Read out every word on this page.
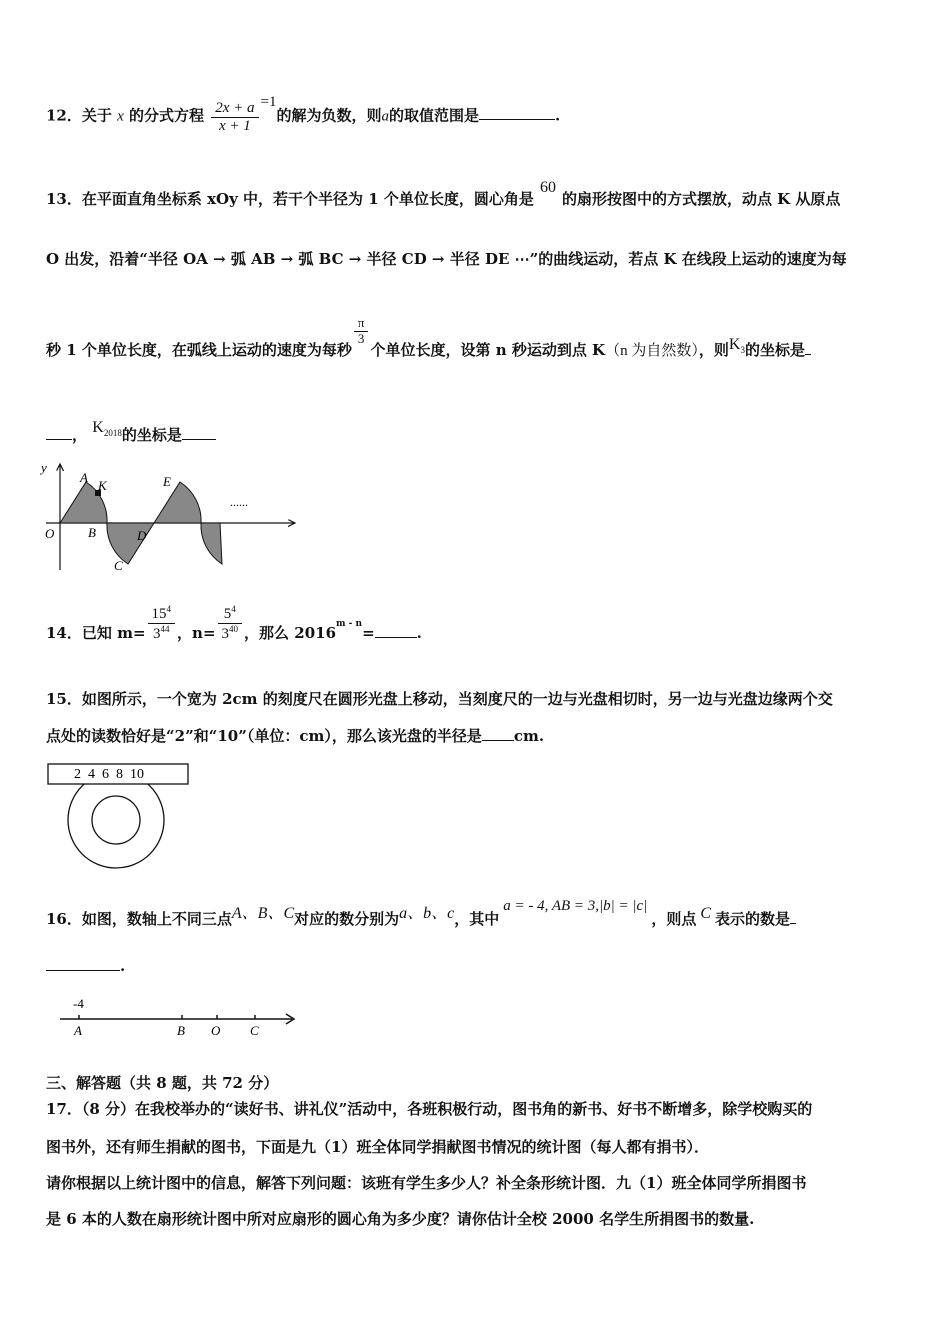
12．关于 x 的分式方程 $\frac{2x + a}{x + 1} =1$的解为负数，则a的取值范围是	.
13．在平面直角坐标系 xOy 中，若干个半径为 1 个单位长度，圆心角是60的扇形按图中的方式摆放，动点 K 从原点
O 出发，沿着“半径 OA → 弧 AB → 弧 BC → 半径 CD → 半径 DE ⋯”的曲线运动，若点 K 在线段上运动的速度为每
秒 1 个单位长度，在弧线上运动的速度为每秒
$\frac{\pi}{3}$
个单位长度，设第 n 秒运动到点 K（n 为自然数），则$K_3$的坐标是
， $K_{2018}$的坐标是
y
A
K	E
O	B	D
C
......
14．已知 $m= \frac{15^4}{3^{44}}$ ，$n= \frac{5^4}{3^{40}}$ ，那么 $2016^{m - n}=$	.
15．如图所示，一个宽为 2cm 的刻度尺在圆形光盘上移动，当刻度尺的一边与光盘相切时，另一边与光盘边缘两个交
点处的读数恰好是“2”和“10”（单位：cm），那么该光盘的半径是 cm.
2  4  6  8  10
16．如图，数轴上不同三点A、B、C对应的数分别为a、b、c，其中a = - 4, AB = 3,|b| = |c|，则点 C 表示的数是
.
-4
A	B O C
三、解答题（共 8 题，共 72 分）
17．（8 分）在我校举办的“读好书、讲礼仪”活动中，各班积极行动，图书角的新书、好书不断增多，除学校购买的
图书外，还有师生捐献的图书，下面是九（1）班全体同学捐献图书情况的统计图（每人都有捐书）．
请你根据以上统计图中的信息，解答下列问题：该班有学生多少人？补全条形统计图．九（1）班全体同学所捐图书
是 6 本的人数在扇形统计图中所对应扇形的圆心角为多少度？请你估计全校 2000 名学生所捐图书的数量.
